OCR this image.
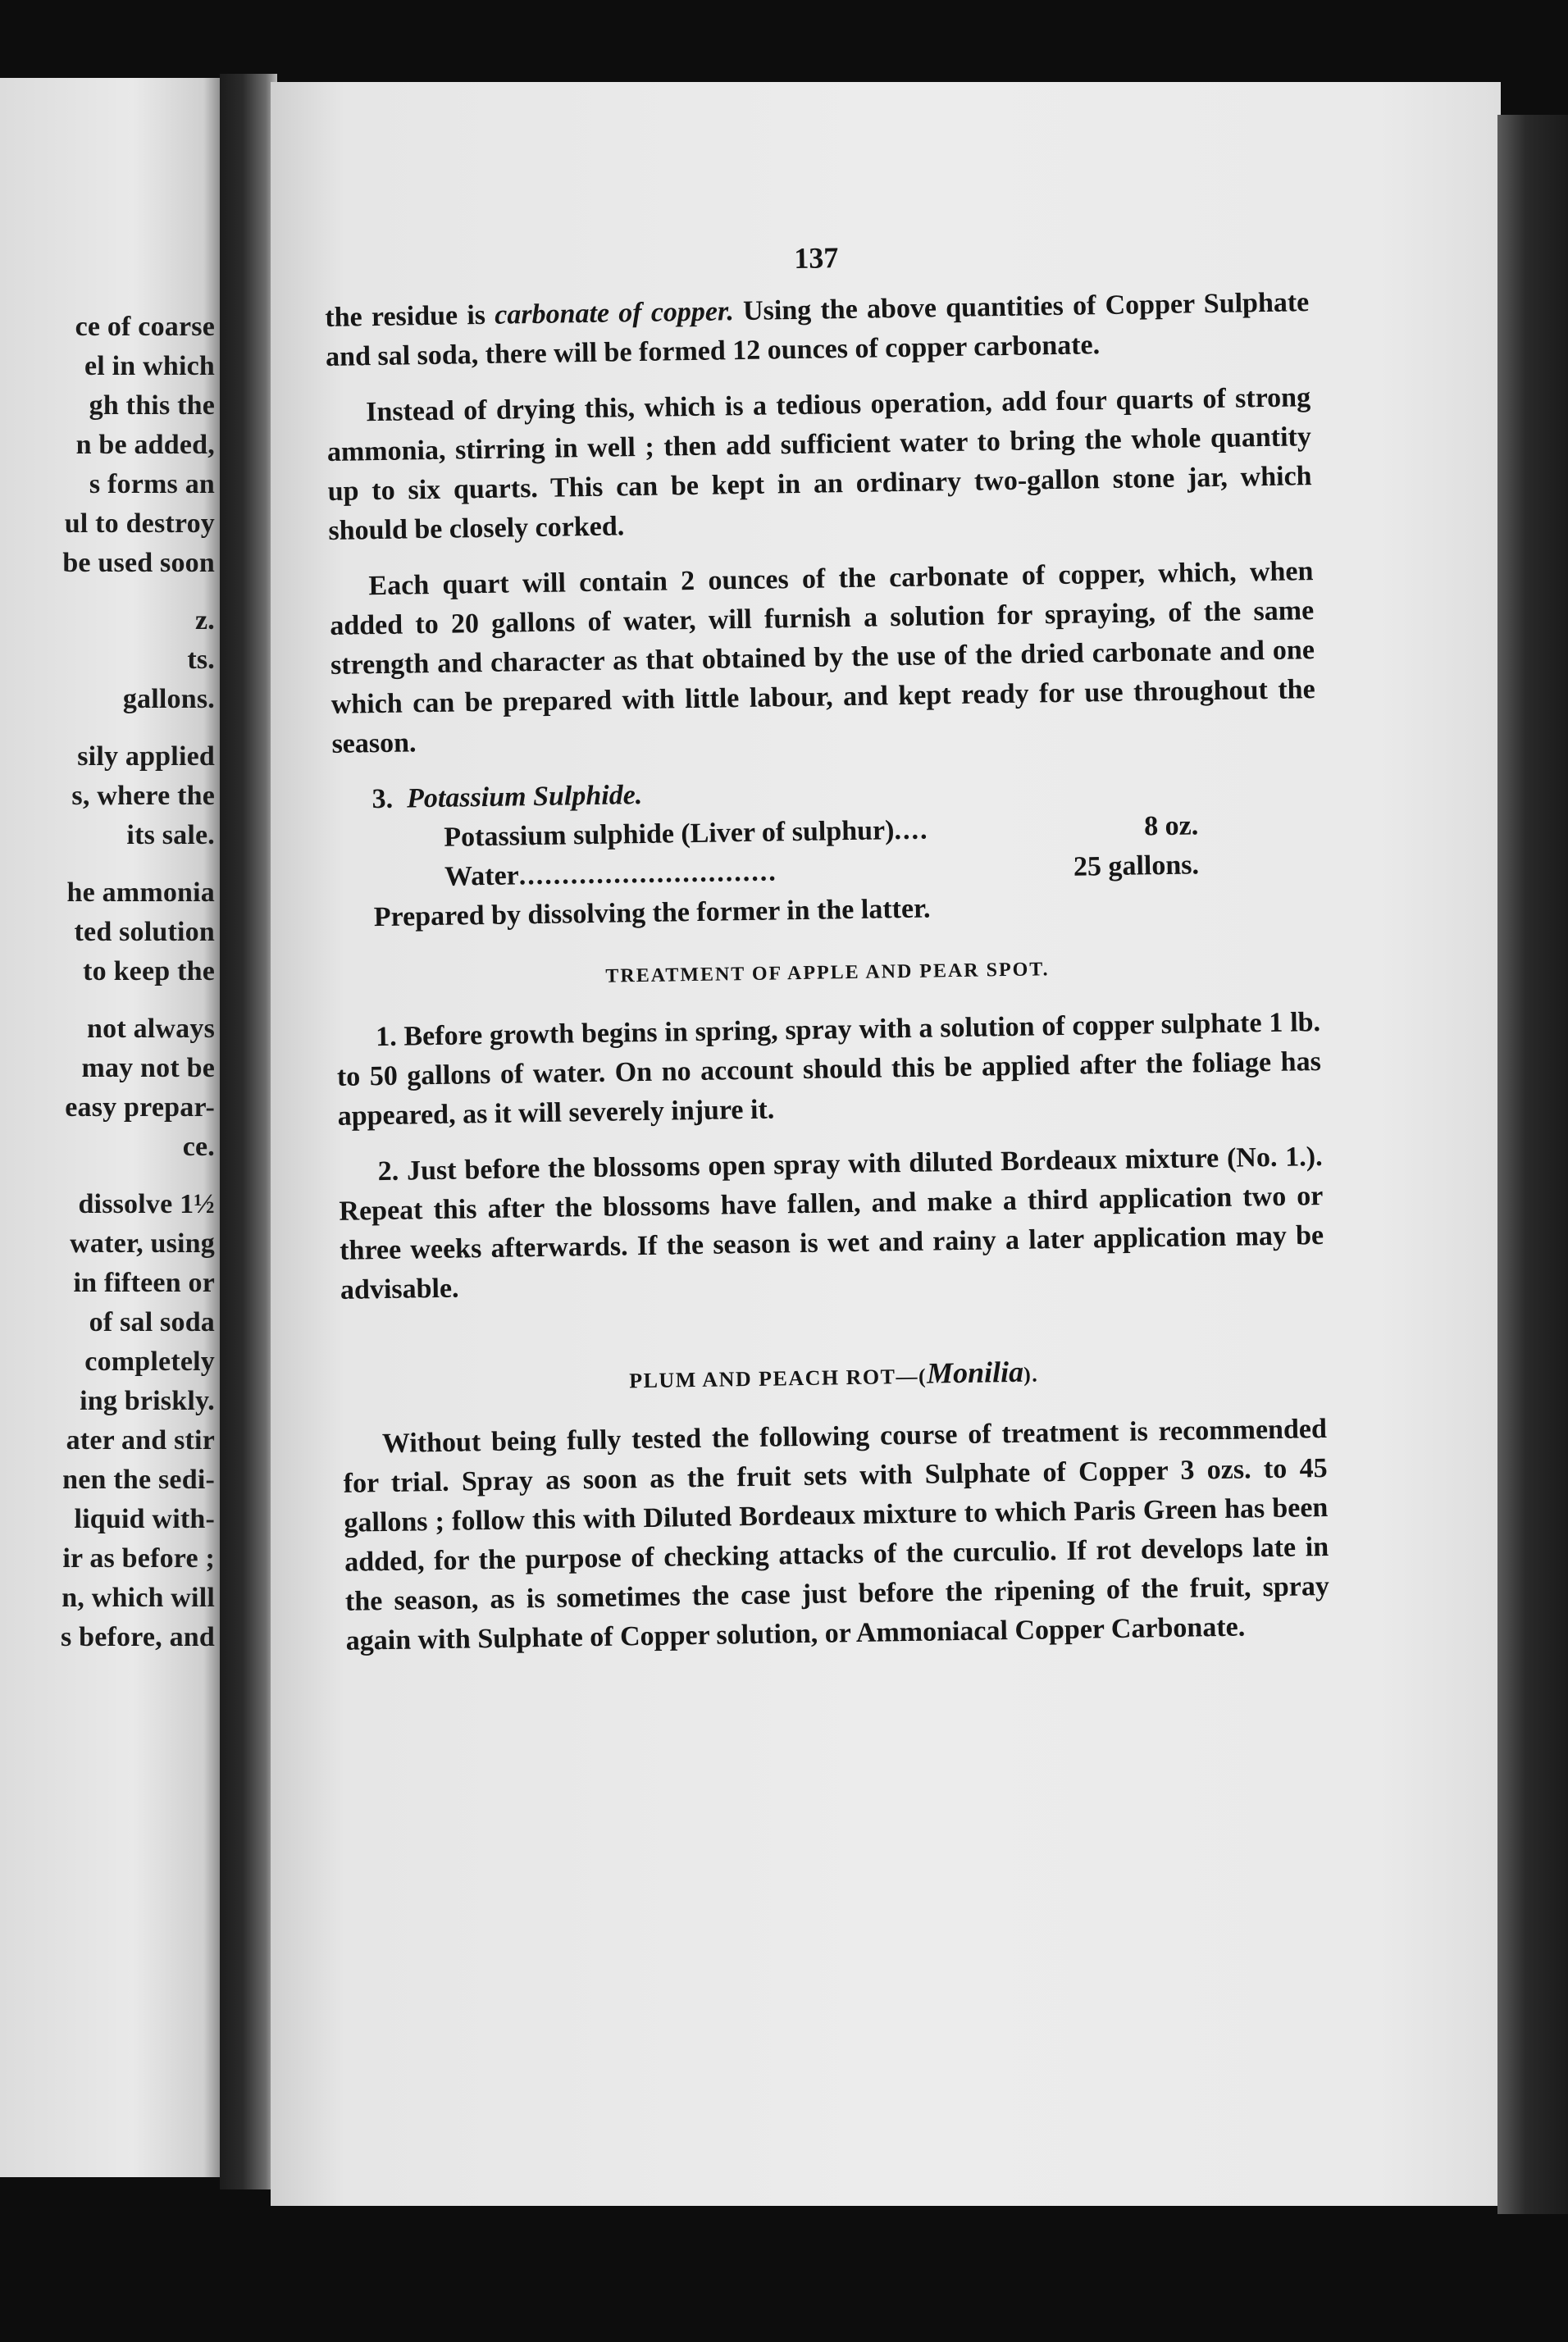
ce of coarse
el in which
gh this the
n be added,
s forms an
ul to destroy
be used soon
z.
ts.
gallons.
sily applied
s, where the
its sale.
he ammonia
ted solution
to keep the
not always
may not be
easy prepar-
ce.
dissolve 1½
water, using
in fifteen or
of sal soda
completely
ing briskly.
ater and stir
nen the sedi-
liquid with-
ir as before ;
n, which will
s before, and
137

the residue is carbonate of copper. Using the above quantities of Copper Sulphate and sal soda, there will be formed 12 ounces of copper carbonate.

Instead of drying this, which is a tedious operation, add four quarts of strong ammonia, stirring in well ; then add sufficient water to bring the whole quantity up to six quarts. This can be kept in an ordinary two-gallon stone jar, which should be closely corked.

Each quart will contain 2 ounces of the carbonate of copper, which, when added to 20 gallons of water, will furnish a solution for spraying, of the same strength and character as that obtained by the use of the dried carbonate and one which can be prepared with little labour, and kept ready for use throughout the season.

3. Potassium Sulphide.

Potassium sulphide (Liver of sulphur) ....	8 oz.
Water ..............................	25 gallons.

Prepared by dissolving the former in the latter.

TREATMENT OF APPLE AND PEAR SPOT.

1. Before growth begins in spring, spray with a solution of copper sulphate 1 lb. to 50 gallons of water. On no account should this be applied after the foliage has appeared, as it will severely injure it.

2. Just before the blossoms open spray with diluted Bordeaux mixture (No. 1.). Repeat this after the blossoms have fallen, and make a third application two or three weeks afterwards. If the season is wet and rainy a later application may be advisable.

PLUM AND PEACH ROT—(Monilia).

Without being fully tested the following course of treatment is recommended for trial. Spray as soon as the fruit sets with Sulphate of Copper 3 ozs. to 45 gallons ; follow this with Diluted Bordeaux mixture to which Paris Green has been added, for the purpose of checking attacks of the curculio. If rot develops late in the season, as is sometimes the case just before the ripening of the fruit, spray again with Sulphate of Copper solution, or Ammoniacal Copper Carbonate.
